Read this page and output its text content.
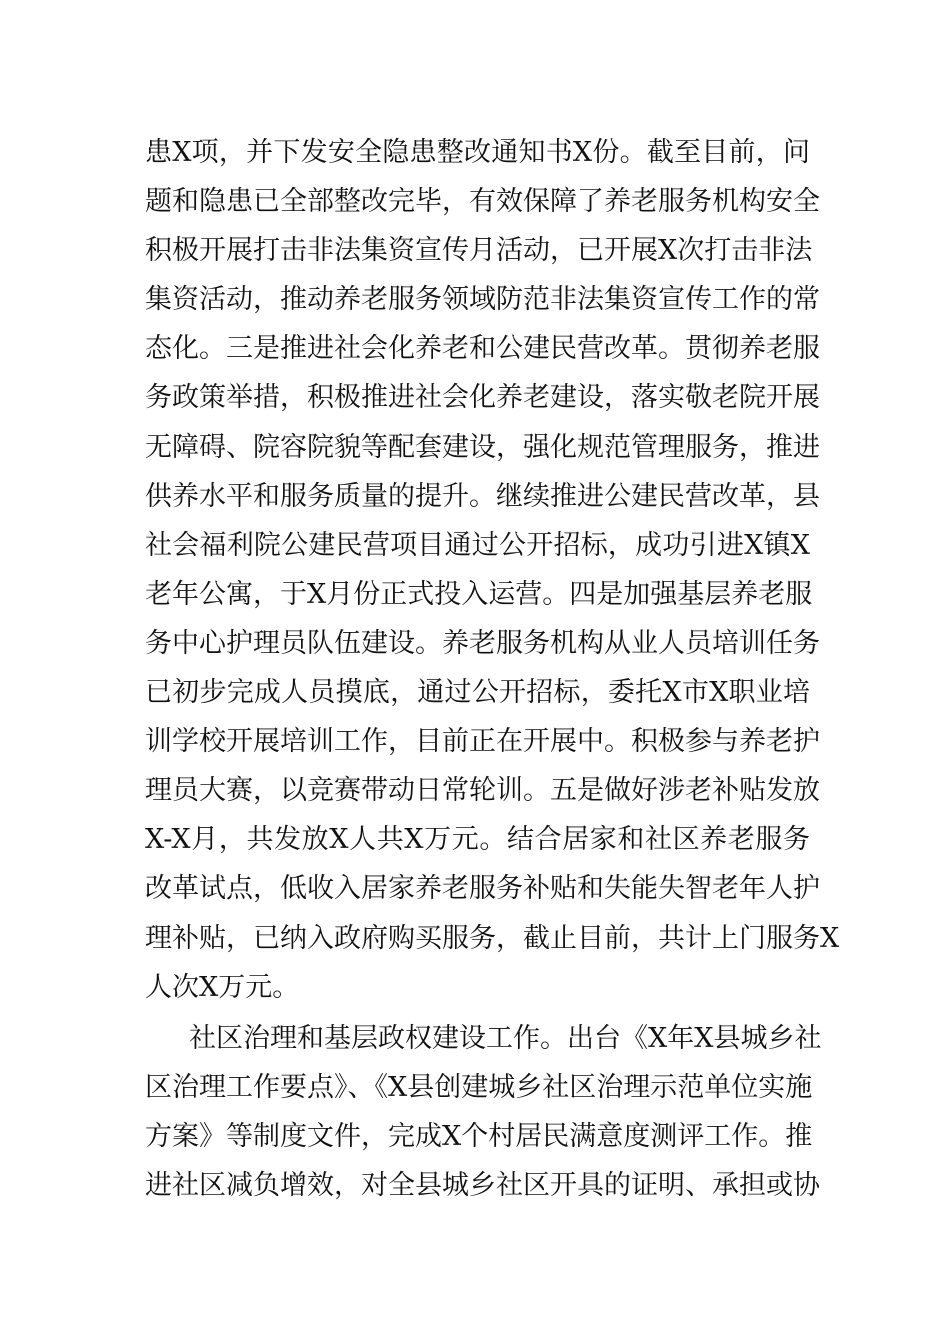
患X项，并下发安全隐患整改通知书X份。截至目前，问
题和隐患已全部整改完毕，有效保障了养老服务机构安全
积极开展打击非法集资宣传月活动，已开展X次打击非法
集资活动，推动养老服务领域防范非法集资宣传工作的常
态化。三是推进社会化养老和公建民营改革。贯彻养老服
务政策举措，积极推进社会化养老建设，落实敬老院开展
无障碍、院容院貌等配套建设，强化规范管理服务，推进
供养水平和服务质量的提升。继续推进公建民营改革，县
社会福利院公建民营项目通过公开招标，成功引进X镇X
老年公寓，于X月份正式投入运营。四是加强基层养老服
务中心护理员队伍建设。养老服务机构从业人员培训任务
已初步完成人员摸底，通过公开招标，委托X市X职业培
训学校开展培训工作，目前正在开展中。积极参与养老护
理员大赛，以竞赛带动日常轮训。五是做好涉老补贴发放
X-X月，共发放X人共X万元。结合居家和社区养老服务
改革试点，低收入居家养老服务补贴和失能失智老年人护
理补贴，已纳入政府购买服务，截止目前，共计上门服务X
人次X万元。
社区治理和基层政权建设工作。出台《X年X县城乡社
区治理工作要点》、《X县创建城乡社区治理示范单位实施
方案》等制度文件，完成X个村居民满意度测评工作。推
进社区减负增效，对全县城乡社区开具的证明、承担或协
